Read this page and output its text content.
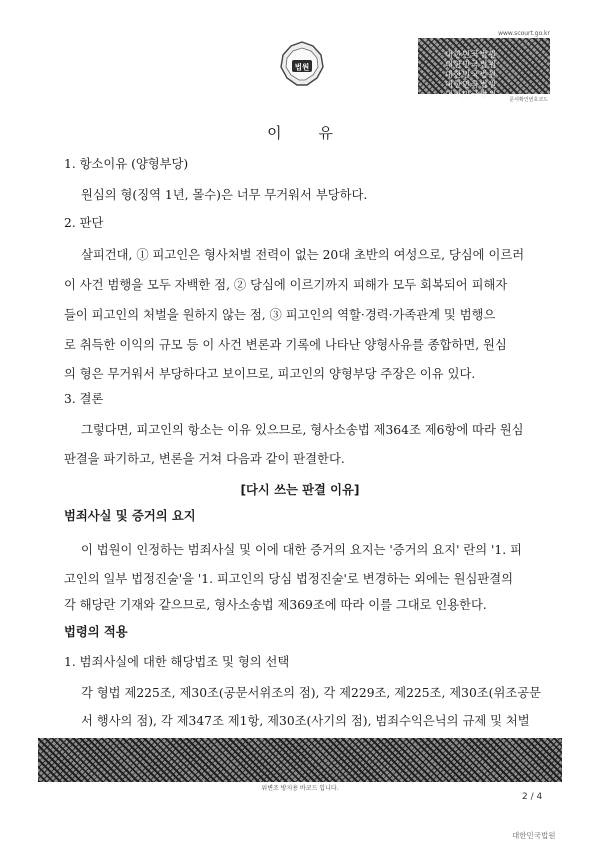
법원
www.scourt.go.kr
대한민국법원
대한민국법원
대한민국법원
대한민국법원
대한민국법원
문서확인번호코드
이 유
1. 항소이유 (양형부당)
원심의 형(징역 1년, 몰수)은 너무 무거워서 부당하다.
2. 판단
살피건대, ① 피고인은 형사처벌 전력이 없는 20대 초반의 여성으로, 당심에 이르러
이 사건 범행을 모두 자백한 점, ② 당심에 이르기까지 피해가 모두 회복되어 피해자
들이 피고인의 처벌을 원하지 않는 점, ③ 피고인의 역할·경력·가족관계 및 범행으
로 취득한 이익의 규모 등 이 사건 변론과 기록에 나타난 양형사유를 종합하면, 원심
의 형은 무거워서 부당하다고 보이므로, 피고인의 양형부당 주장은 이유 있다.
3. 결론
그렇다면, 피고인의 항소는 이유 있으므로, 형사소송법 제364조 제6항에 따라 원심
판결을 파기하고, 변론을 거쳐 다음과 같이 판결한다.
[다시 쓰는 판결 이유]
범죄사실 및 증거의 요지
이 법원이 인정하는 범죄사실 및 이에 대한 증거의 요지는 '증거의 요지' 란의 '1. 피
고인의 일부 법정진술'을 '1. 피고인의 당심 법정진술'로 변경하는 외에는 원심판결의
각 해당란 기재와 같으므로, 형사소송법 제369조에 따라 이를 그대로 인용한다.
법령의 적용
1. 범죄사실에 대한 해당법조 및 형의 선택
각 형법 제225조, 제30조(공문서위조의 점), 각 제229조, 제225조, 제30조(위조공문
서 행사의 점), 각 제347조 제1항, 제30조(사기의 점), 범죄수익은닉의 규제 및 처벌
위변조 방지용 바코드 입니다.
2 / 4
대한민국법원
